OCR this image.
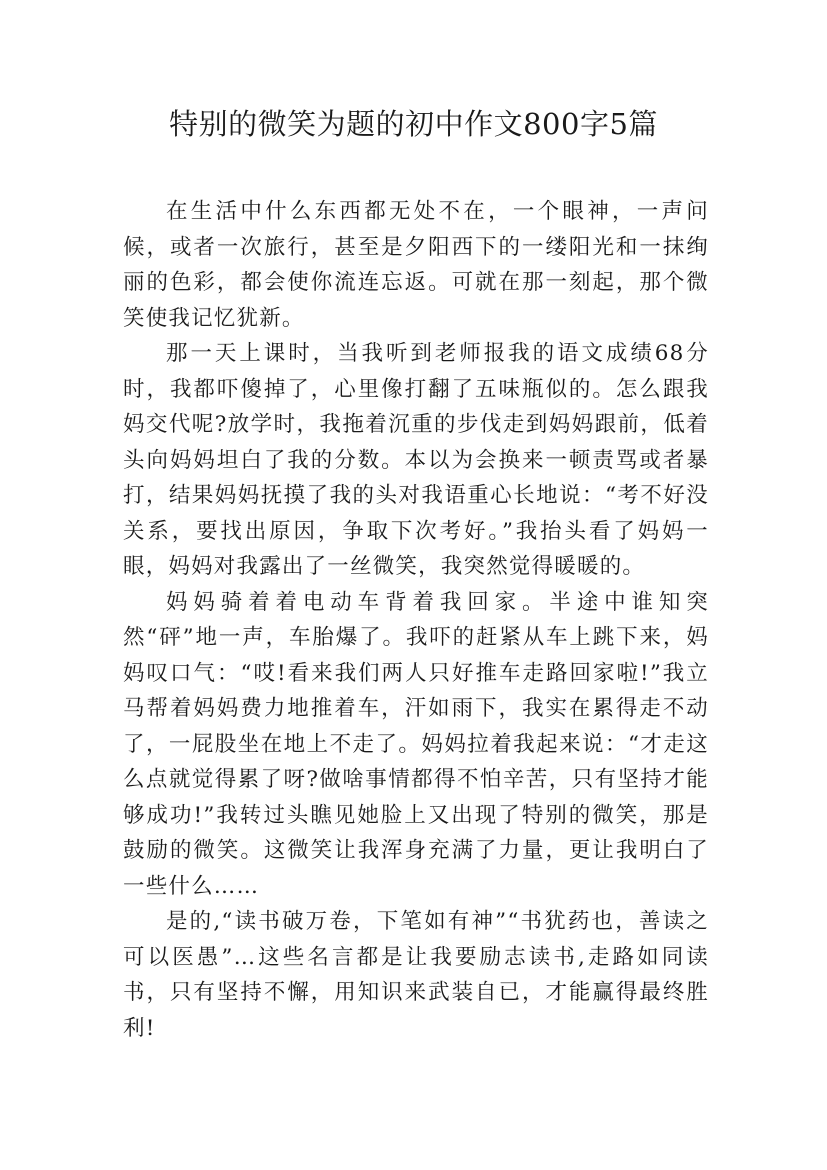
特别的微笑为题的初中作文800字5篇

在生活中什么东西都无处不在，一个眼神，一声问候，或者一次旅行，甚至是夕阳西下的一缕阳光和一抹绚丽的色彩，都会使你流连忘返。可就在那一刻起，那个微笑使我记忆犹新。

那一天上课时，当我听到老师报我的语文成绩68分时，我都吓傻掉了，心里像打翻了五味瓶似的。怎么跟我妈交代呢?放学时，我拖着沉重的步伐走到妈妈跟前，低着头向妈妈坦白了我的分数。本以为会换来一顿责骂或者暴打，结果妈妈抚摸了我的头对我语重心长地说：“考不好没关系，要找出原因，争取下次考好。”我抬头看了妈妈一眼，妈妈对我露出了一丝微笑，我突然觉得暖暖的。

妈妈骑着着电动车背着我回家。半途中谁知突然“砰”地一声，车胎爆了。我吓的赶紧从车上跳下来，妈妈叹口气：“哎!看来我们两人只好推车走路回家啦!”我立马帮着妈妈费力地推着车，汗如雨下，我实在累得走不动了，一屁股坐在地上不走了。妈妈拉着我起来说：“才走这么点就觉得累了呀?做啥事情都得不怕辛苦，只有坚持才能够成功!”我转过头瞧见她脸上又出现了特别的微笑，那是鼓励的微笑。这微笑让我浑身充满了力量，更让我明白了一些什么……

是的,“读书破万卷，下笔如有神”“书犹药也，善读之可以医愚”…这些名言都是让我要励志读书,走路如同读书，只有坚持不懈，用知识来武装自已，才能赢得最终胜利!
